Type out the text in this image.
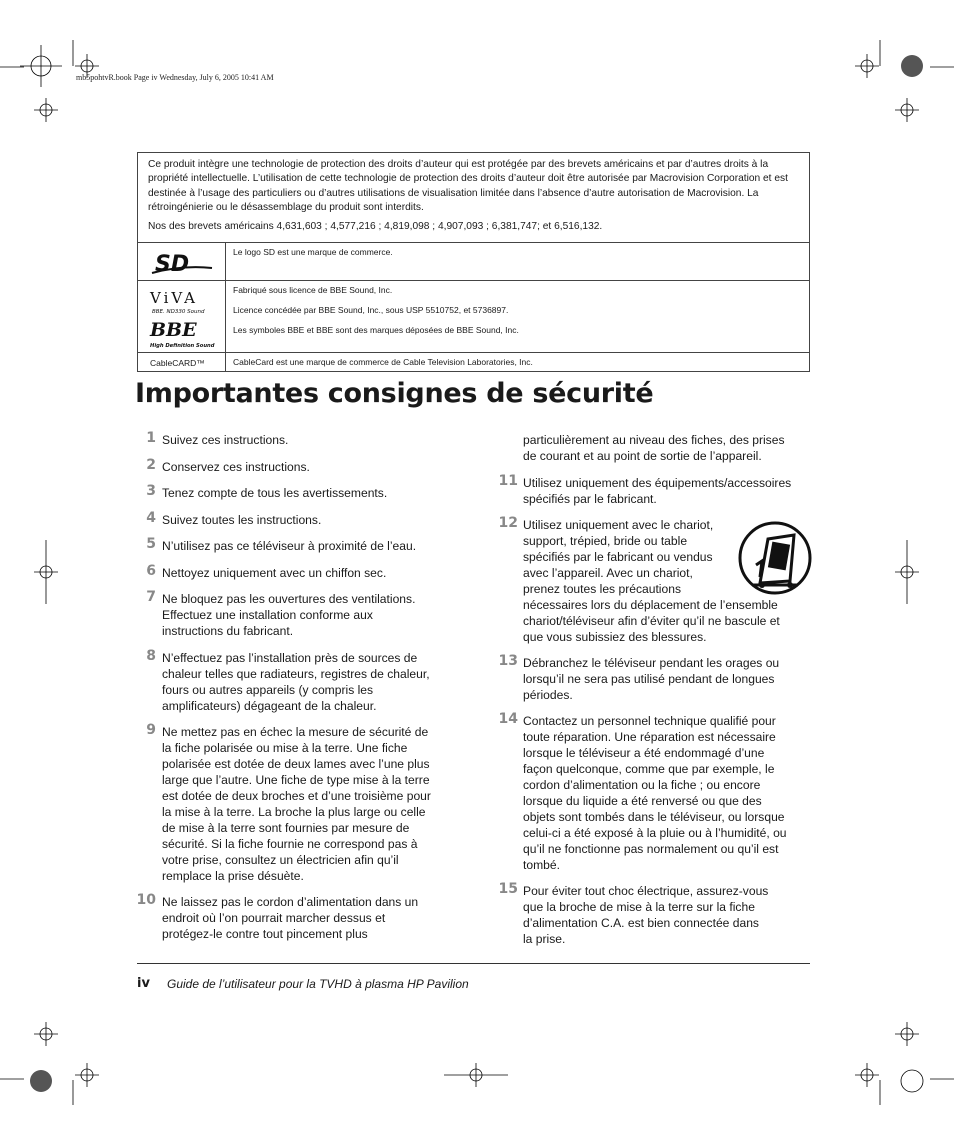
mb5pohtvR.book Page iv Wednesday, July 6, 2005 10:41 AM

Ce produit intègre une technologie de protection des droits d’auteur qui est protégée par des brevets américains et par d’autres droits à la propriété intellectuelle. L’utilisation de cette technologie de protection des droits d’auteur doit être autorisée par Macrovision Corporation et est destinée à l’usage des particuliers ou d’autres utilisations de visualisation limitée dans l’absence d’autre autorisation de Macrovision. La rétroingénierie ou le désassemblage du produit sont interdits.

Nos des brevets américains 4,631,603 ; 4,577,216 ; 4,819,098 ; 4,907,093 ; 6,381,747; et 6,516,132.

SD	Le logo SD est une marque de commerce.
ViVA
BBE. ND330 Sound
BBE
High Definition Sound
Fabriqué sous licence de BBE Sound, Inc.
Licence concédée par BBE Sound, Inc., sous USP 5510752, et 5736897.
Les symboles BBE et BBE sont des marques déposées de BBE Sound, Inc.
CableCARD™	CableCard est une marque de commerce de Cable Television Laboratories, Inc.
Importantes consignes de sécurité
iv Guide de l’utilisateur pour la TVHD à plasma HP Pavilion
1 Suivez ces instructions.
2 Conservez ces instructions.
3 Tenez compte de tous les avertissements.
4 Suivez toutes les instructions.
5 N’utilisez pas ce téléviseur à proximité de l’eau.
6 Nettoyez uniquement avec un chiffon sec.
7 Ne bloquez pas les ouvertures des ventilations.
Effectuez une installation conforme aux
instructions du fabricant.
8 N’effectuez pas l’installation près de sources de
chaleur telles que radiateurs, registres de chaleur,
fours ou autres appareils (y compris les
amplificateurs) dégageant de la chaleur.
9 Ne mettez pas en échec la mesure de sécurité de
la fiche polarisée ou mise à la terre. Une fiche
polarisée est dotée de deux lames avec l’une plus
large que l’autre. Une fiche de type mise à la terre
est dotée de deux broches et d’une troisième pour
la mise à la terre. La broche la plus large ou celle
de mise à la terre sont fournies par mesure de
sécurité. Si la fiche fournie ne correspond pas à
votre prise, consultez un électricien afin qu’il
remplace la prise désuète.
10 Ne laissez pas le cordon d’alimentation dans un
endroit où l’on pourrait marcher dessus et
protégez-le contre tout pincement plus
particulièrement au niveau des fiches, des prises
de courant et au point de sortie de l’appareil.
11 Utilisez uniquement des équipements/accessoires
spécifiés par le fabricant.
12 Utilisez uniquement avec le chariot,
support, trépied, bride ou table
spécifiés par le fabricant ou vendus
avec l’appareil. Avec un chariot,
prenez toutes les précautions
nécessaires lors du déplacement de l’ensemble
chariot/téléviseur afin d’éviter qu’il ne bascule et
que vous subissiez des blessures.
13 Débranchez le téléviseur pendant les orages ou
lorsqu’il ne sera pas utilisé pendant de longues
périodes.
14 Contactez un personnel technique qualifié pour
toute réparation. Une réparation est nécessaire
lorsque le téléviseur a été endommagé d’une
façon quelconque, comme que par exemple, le
cordon d’alimentation ou la fiche ; ou encore
lorsque du liquide a été renversé ou que des
objets sont tombés dans le téléviseur, ou lorsque
celui-ci a été exposé à la pluie ou à l’humidité, ou
qu’il ne fonctionne pas normalement ou qu’il est
tombé.
15 Pour éviter tout choc électrique, assurez-vous
que la broche de mise à la terre sur la fiche
d’alimentation C.A. est bien connectée dans
la prise.
